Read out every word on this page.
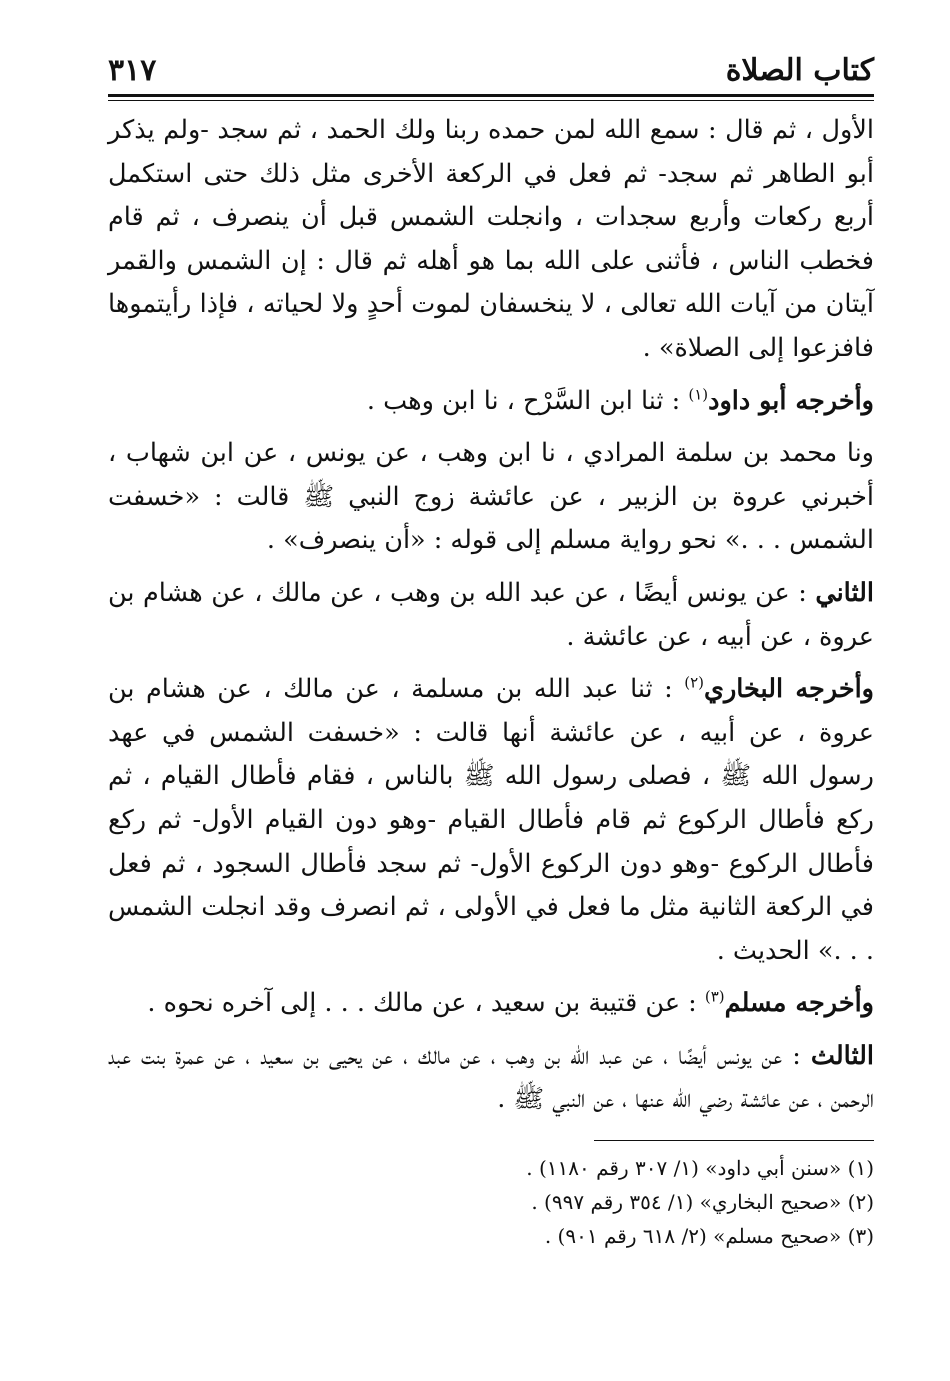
كتاب الصلاة
٣١٧

الأول ، ثم قال : سمع الله لمن حمده ربنا ولك الحمد ، ثم سجد -ولم يذكر أبو الطاهر ثم سجد- ثم فعل في الركعة الأخرى مثل ذلك حتى استكمل أربع ركعات وأربع سجدات ، وانجلت الشمس قبل أن ينصرف ، ثم قام فخطب الناس ، فأثنى على الله بما هو أهله ثم قال : إن الشمس والقمر آيتان من آيات الله تعالى ، لا ينخسفان لموت أحدٍ ولا لحياته ، فإذا رأيتموها فافزعوا إلى الصلاة» .

وأخرجه أبو داود$^{(١)}$ : ثنا ابن السَّرْح ، نا ابن وهب .

ونا محمد بن سلمة المرادي ، نا ابن وهب ، عن يونس ، عن ابن شهاب ، أخبرني عروة بن الزبير ، عن عائشة زوج النبي ﷺ قالت : «خسفت الشمس . . .» نحو رواية مسلم إلى قوله : «أن ينصرف» .

الثاني : عن يونس أيضًا ، عن عبد الله بن وهب ، عن مالك ، عن هشام بن عروة ، عن أبيه ، عن عائشة .

وأخرجه البخاري$^{(٢)}$ : ثنا عبد الله بن مسلمة ، عن مالك ، عن هشام بن عروة ، عن أبيه ، عن عائشة أنها قالت : «خسفت الشمس في عهد رسول الله ﷺ ، فصلى رسول الله ﷺ بالناس ، فقام فأطال القيام ، ثم ركع فأطال الركوع ثم قام فأطال القيام -وهو دون القيام الأول- ثم ركع فأطال الركوع -وهو دون الركوع الأول- ثم سجد فأطال السجود ، ثم فعل في الركعة الثانية مثل ما فعل في الأولى ، ثم انصرف وقد انجلت الشمس . . .» الحديث .

وأخرجه مسلم$^{(٣)}$ : عن قتيبة بن سعيد ، عن مالك . . . إلى آخره نحوه .

الثالث : عن يونس أيضًا ، عن عبد الله بن وهب ، عن مالك ، عن يحيى بن سعيد ، عن عمرة بنت عبد الرحمن ، عن عائشة رضي الله عنها ، عن النبي ﷺ .

(١) «سنن أبي داود» (١/ ٣٠٧ رقم ١١٨٠) .

(٢) «صحيح البخاري» (١/ ٣٥٤ رقم ٩٩٧) .

(٣) «صحيح مسلم» (٢/ ٦١٨ رقم ٩٠١) .
